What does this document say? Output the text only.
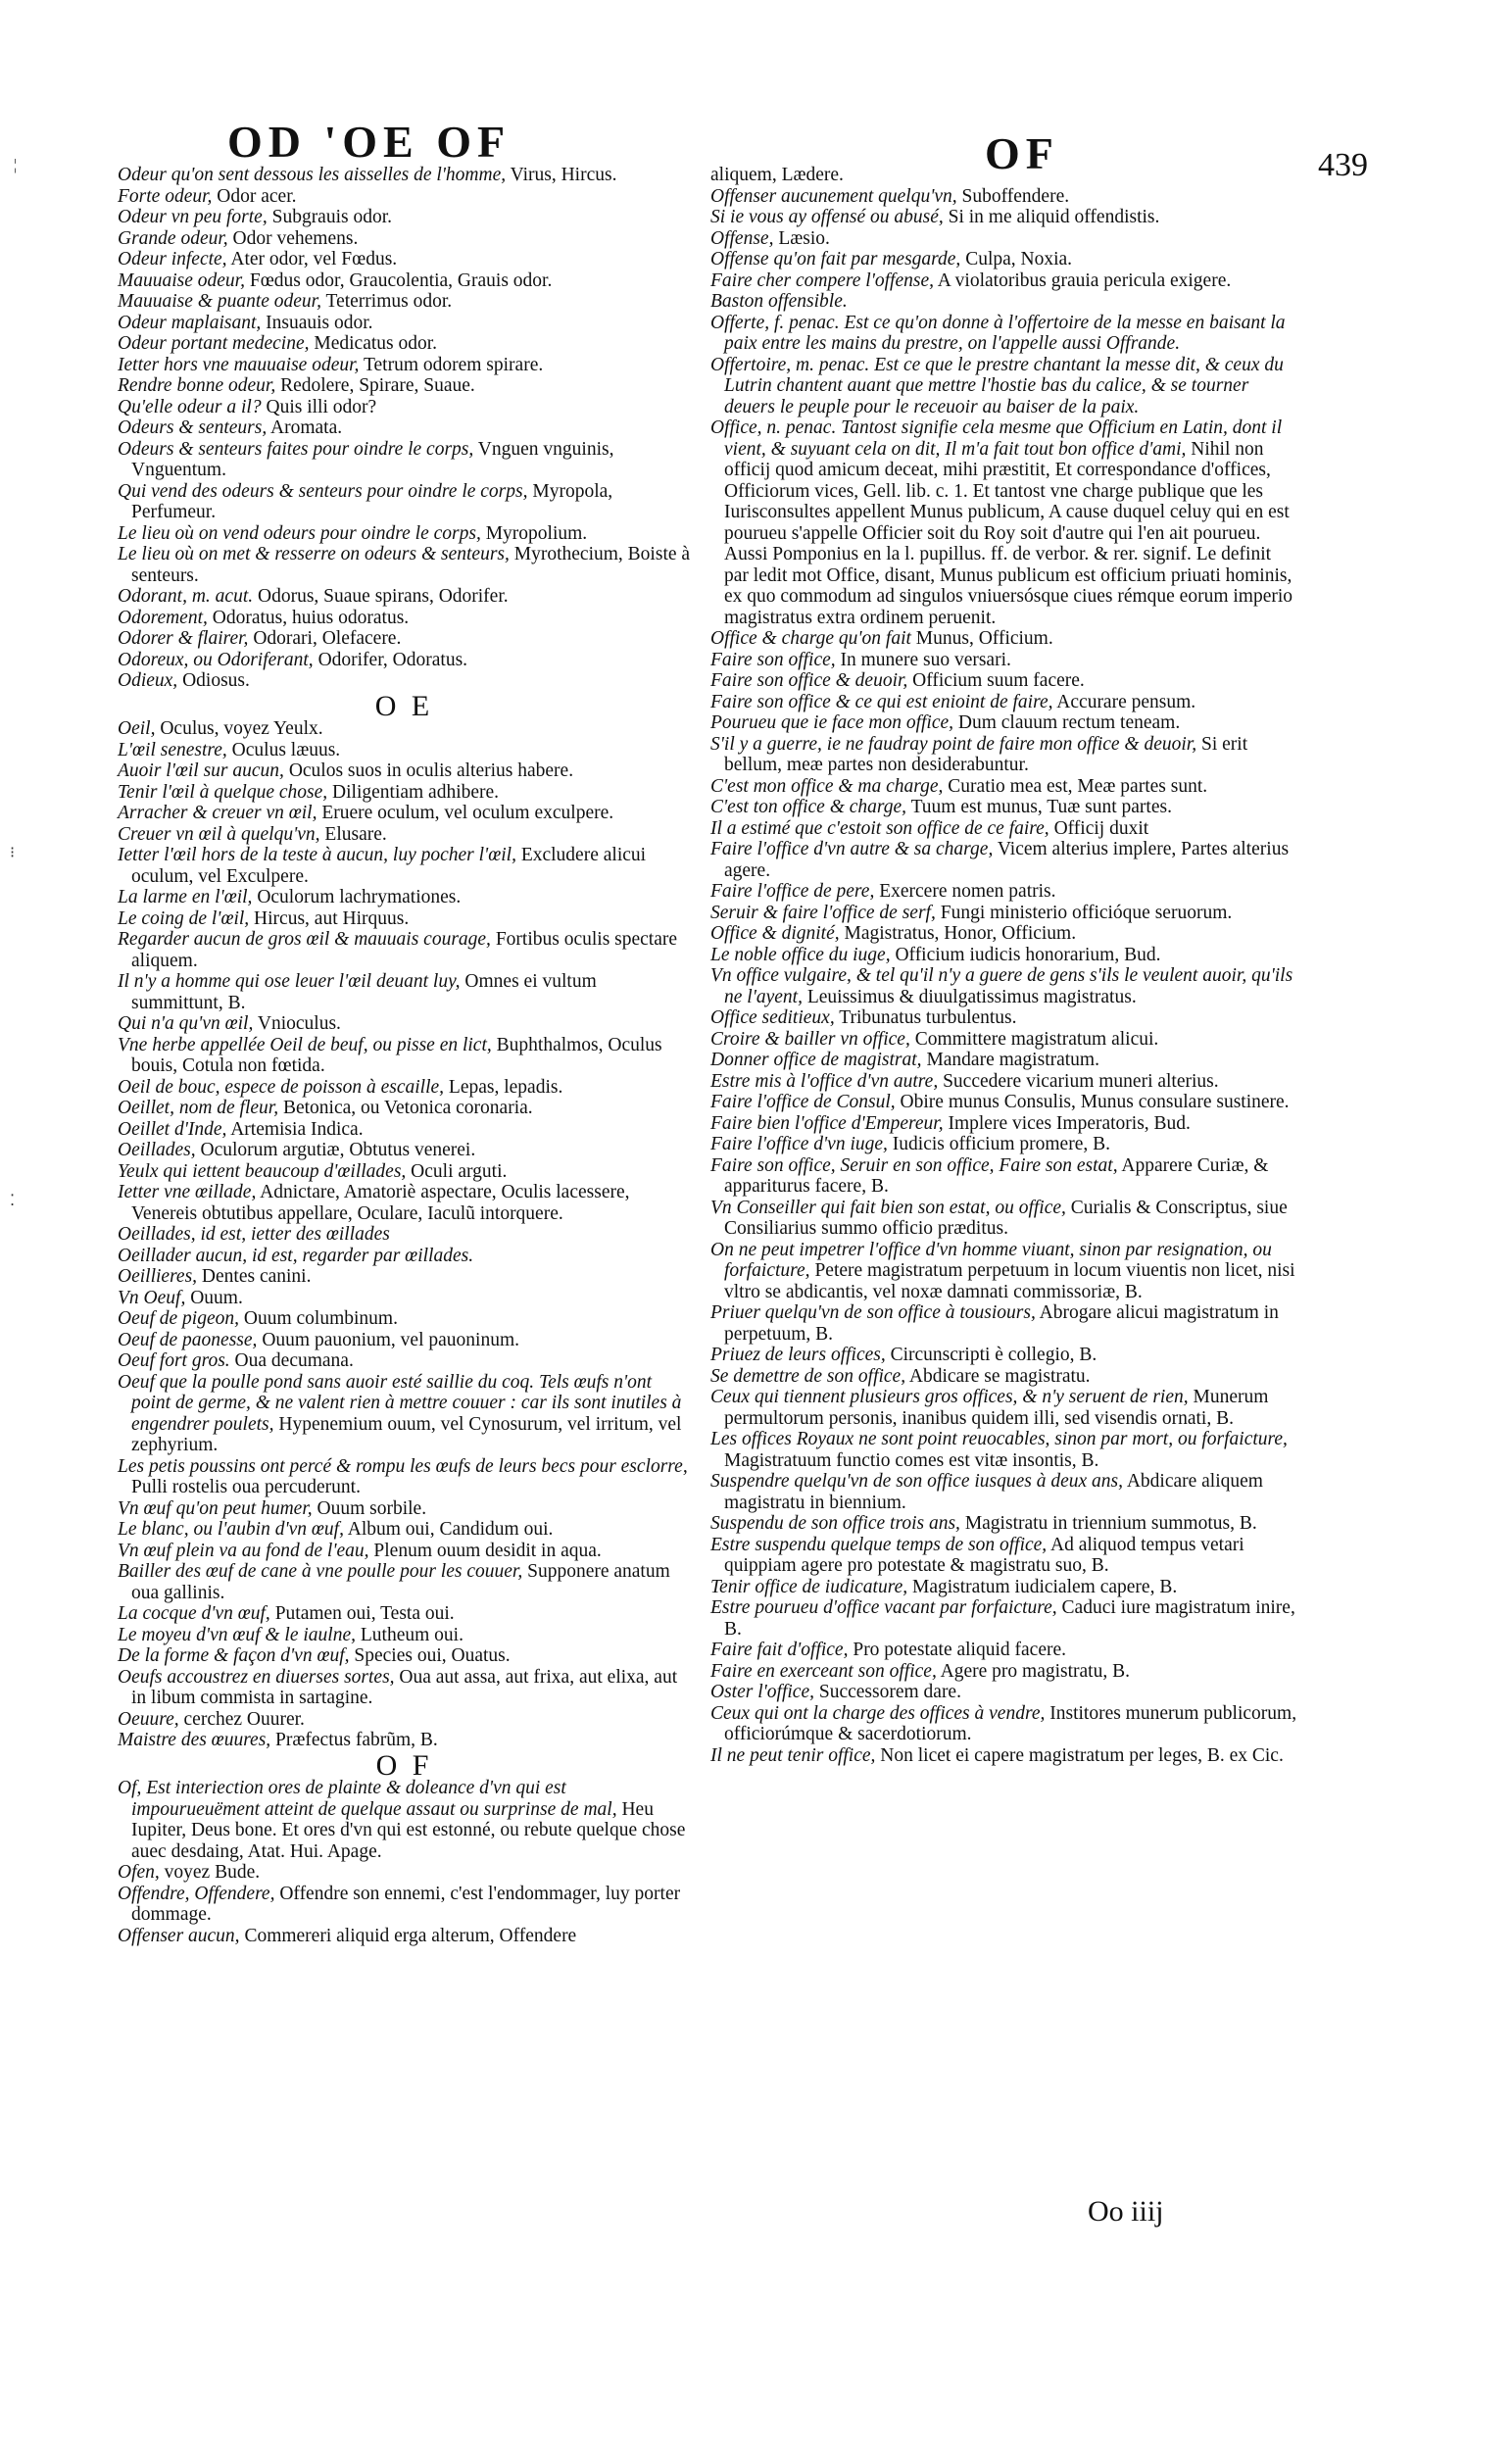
OD 'OE OF	OF	439
Odeur qu'on sent dessous les aisselles de l'homme, Virus, Hircus.
Forte odeur, Odor acer.
Odeur vn peu forte, Subgrauis odor.
Grande odeur, Odor vehemens.
Odeur infecte, Ater odor, vel Fœdus.
Mauuaise odeur, Fœdus odor, Graucolentia, Grauis odor.
Mauuaise & puante odeur, Teterrimus odor.
Odeur maplaisant, Insuauis odor.
Odeur portant medecine, Medicatus odor.
Ietter hors vne mauuaise odeur, Tetrum odorem spirare.
Rendre bonne odeur, Redolere, Spirare, Suaue.
Qu'elle odeur a il? Quis illi odor?
Odeurs & senteurs, Aromata.
Odeurs & senteurs faites pour oindre le corps, Vnguen vnguinis, Vnguentum.
Qui vend des odeurs & senteurs pour oindre le corps, Myropola, Perfumeur.
Le lieu où on vend odeurs pour oindre le corps, Myropolium.
Le lieu où on met & resserre on odeurs & senteurs, Myrothecium, Boiste à senteurs.
Odorant, m. acut. Odorus, Suaue spirans, Odorifer.
Odorement, Odoratus, huius odoratus.
Odorer & flairer, Odorari, Olefacere.
Odoreux, ou Odoriferant, Odorifer, Odoratus.
Odieux, Odiosus.
O E
Oeil, Oculus, voyez Yeulx.
L'œil senestre, Oculus læuus.
Auoir l'œil sur aucun, Oculos suos in oculis alterius habere.
Tenir l'œil à quelque chose, Diligentiam adhibere.
Arracher & creuer vn œil, Eruere oculum, vel oculum exculpere.
Creuer vn œil à quelqu'vn, Elusare.
Ietter l'œil hors de la teste à aucun, luy pocher l'œil, Excludere alicui oculum, vel Exculpere.
La larme en l'œil, Oculorum lachrymationes.
Le coing de l'œil, Hircus, aut Hirquus.
Regarder aucun de gros œil & mauuais courage, Fortibus oculis spectare aliquem.
Il n'y a homme qui ose leuer l'œil deuant luy, Omnes ei vultum summittunt, B.
Qui n'a qu'vn œil, Vnioculus.
Vne herbe appellée Oeil de beuf, ou pisse en lict, Buphthalmos, Oculus bouis, Cotula non fœtida.
Oeil de bouc, espece de poisson à escaille, Lepas, lepadis.
Oeillet, nom de fleur, Betonica, ou Vetonica coronaria.
Oeillet d'Inde, Artemisia Indica.
Oeillades, Oculorum argutiæ, Obtutus venerei.
Yeulx qui iettent beaucoup d'œillades, Oculi arguti.
Ietter vne œillade, Adnictare, Amatoriè aspectare, Oculis lacessere, Venereis obtutibus appellare, Ocularе, Iaculũ intorquere.
Oeillades, id est, ietter des œillades
Oeillader aucun, id est, regarder par œillades.
Oeillieres, Dentes canini.
Vn Oeuf, Ouum.
Oeuf de pigeon, Ouum columbinum.
Oeuf de paonesse, Ouum pauonium, vel pauoninum.
Oeuf fort gros. Oua decumana.
Oeuf que la poulle pond sans auoir esté saillie du coq. Tels œufs n'ont point de germe, & ne valent rien à mettre couuer : car ils sont inutiles à engendrer poulets, Hypenemium ouum, vel Cynosurum, vel irritum, vel zephyrium.
Les petis poussins ont percé & rompu les œufs de leurs becs pour esclorre, Pulli rostelis oua percuderunt.
Vn œuf qu'on peut humer, Ouum sorbile.
Le blanc, ou l'aubin d'vn œuf, Album oui, Candidum oui.
Vn œuf plein va au fond de l'eau, Plenum ouum desidit in aqua.
Bailler des œuf de cane à vne poulle pour les couuer, Supponere anatum oua gallinis.
La cocque d'vn œuf, Putamen oui, Testa oui.
Le moyeu d'vn œuf & le iaulne, Lutheum oui.
De la forme & façon d'vn œuf, Species oui, Ouatus.
Oeufs accoustrez en diuerses sortes, Oua aut assa, aut frixa, aut elixa, aut in libum commista in sartagine.
Oeuure, cerchez Ouurer.
Maistre des œuures, Præfectus fabrũm, B.
O F
Of, Est interiection ores de plainte & doleance d'vn qui est impourueuëment atteint de quelque assaut ou surprinse de mal, Heu Iupiter, Deus bone. Et ores d'vn qui est estonné, ou rebute quelque chose auec desdaing, Atat. Hui. Apage.
Ofen, voyez Bude.
Offendre, Offendere, Offendre son ennemi, c'est l'endommager, luy porter dommage.
Offenser aucun, Commereri aliquid erga alterum, Offendere
aliquem, Lædere.
Offenser aucunement quelqu'vn, Suboffendere.
Si ie vous ay offensé ou abusé, Si in me aliquid offendistis.
Offense, Læsio.
Offense qu'on fait par mesgarde, Culpa, Noxia.
Faire cher compere l'offense, A violatoribus grauia pericula exigere.
Baston offensible.
Offerte, f. penac. Est ce qu'on donne à l'offertoire de la messe en baisant la paix entre les mains du prestre, on l'appelle aussi Offrande.
Offertoire, m. penac. Est ce que le prestre chantant la messe dit, & ceux du Lutrin chantent auant que mettre l'hostie bas du calice, & se tourner deuers le peuple pour le receuoir au baiser de la paix.
Office, n. penac. Tantost signifie cela mesme que Officium en Latin, dont il vient, & suyuant cela on dit, Il m'a fait tout bon office d'ami, Nihil non officij quod amicum deceat, mihi præstitit, Et correspondance d'offices, Officiorum vices, Gell. lib. c. 1. Et tantost vne charge publique que les Iurisconsultes appellent Munus publicum, A cause duquel celuy qui en est pourueu s'appelle Officier soit du Roy soit d'autre qui l'en ait pourueu. Aussi Pomponius en la l. pupillus. ff. de verbor. & rer. signif. Le definit par ledit mot Office, disant, Munus publicum est officium priuati hominis, ex quo commodum ad singulos vniuersósque ciues rémque eorum imperio magistratus extra ordinem peruenit.
Office & charge qu'on fait Munus, Officium.
Faire son office, In munere suo versari.
Faire son office & deuoir, Officium suum facere.
Faire son office & ce qui est enioint de faire, Accurare pensum.
Pourueu que ie face mon office, Dum clauum rectum teneam.
S'il y a guerre, ie ne faudray point de faire mon office & deuoir, Si erit bellum, meæ partes non desiderabuntur.
C'est mon office & ma charge, Curatio mea est, Meæ partes sunt.
C'est ton office & charge, Tuum est munus, Tuæ sunt partes.
Il a estimé que c'estoit son office de ce faire, Officij duxit
Faire l'office d'vn autre & sa charge, Vicem alterius implere, Partes alterius agere.
Faire l'office de pere, Exercere nomen patris.
Seruir & faire l'office de serf, Fungi ministerio officióque seruorum.
Office & dignité, Magistratus, Honor, Officium.
Le noble office du iuge, Officium iudicis honorarium, Bud.
Vn office vulgaire, & tel qu'il n'y a guere de gens s'ils le veulent auoir, qu'ils ne l'ayent, Leuissimus & diuulgatissimus magistratus.
Office seditieux, Tribunatus turbulentus.
Croire & bailler vn office, Committere magistratum alicui.
Donner office de magistrat, Mandare magistratum.
Estre mis à l'office d'vn autre, Succedere vicarium muneri alterius.
Faire l'office de Consul, Obire munus Consulis, Munus consulare sustinere.
Faire bien l'office d'Empereur, Implere vices Imperatoris, Bud.
Faire l'office d'vn iuge, Iudicis officium promere, B.
Faire son office, Seruir en son office, Faire son estat, Apparere Curiæ, & appariturus facere, B.
Vn Conseiller qui fait bien son estat, ou office, Curialis & Conscriptus, siue Consiliarius summo officio præditus.
On ne peut impetrer l'office d'vn homme viuant, sinon par resignation, ou forfaicture, Petere magistratum perpetuum in locum viuentis non licet, nisi vltro se abdicantis, vel noxæ damnati commissoriæ, B.
Priuer quelqu'vn de son office à tousiours, Abrogare alicui magistratum in perpetuum, B.
Priuez de leurs offices, Circunscripti è collegio, B.
Se demettre de son office, Abdicare se magistratu.
Ceux qui tiennent plusieurs gros offices, & n'y seruent de rien, Munerum permultorum personis, inanibus quidem illi, sed visendis ornati, B.
Les offices Royaux ne sont point reuocables, sinon par mort, ou forfaicture, Magistratuum functio comes est vitæ insontis, B.
Suspendre quelqu'vn de son office iusques à deux ans, Abdicare aliquem magistratu in biennium.
Suspendu de son office trois ans, Magistratu in triennium summotus, B.
Estre suspendu quelque temps de son office, Ad aliquod tempus vetari quippiam agere pro potestate & magistratu suo, B.
Tenir office de iudicature, Magistratum iudicialem capere, B.
Estre pourueu d'office vacant par forfaicture, Caduci iure magistratum inire, B.
Faire fait d'office, Pro potestate aliquid facere.
Faire en exerceant son office, Agere pro magistratu, B.
Oster l'office, Successorem dare.
Ceux qui ont la charge des offices à vendre, Institores munerum publicorum, officiorúmque & sacerdotiorum.
Il ne peut tenir office, Non licet ei capere magistratum per leges, B. ex Cic.
Oo iiij
¦
⁝
⁚
